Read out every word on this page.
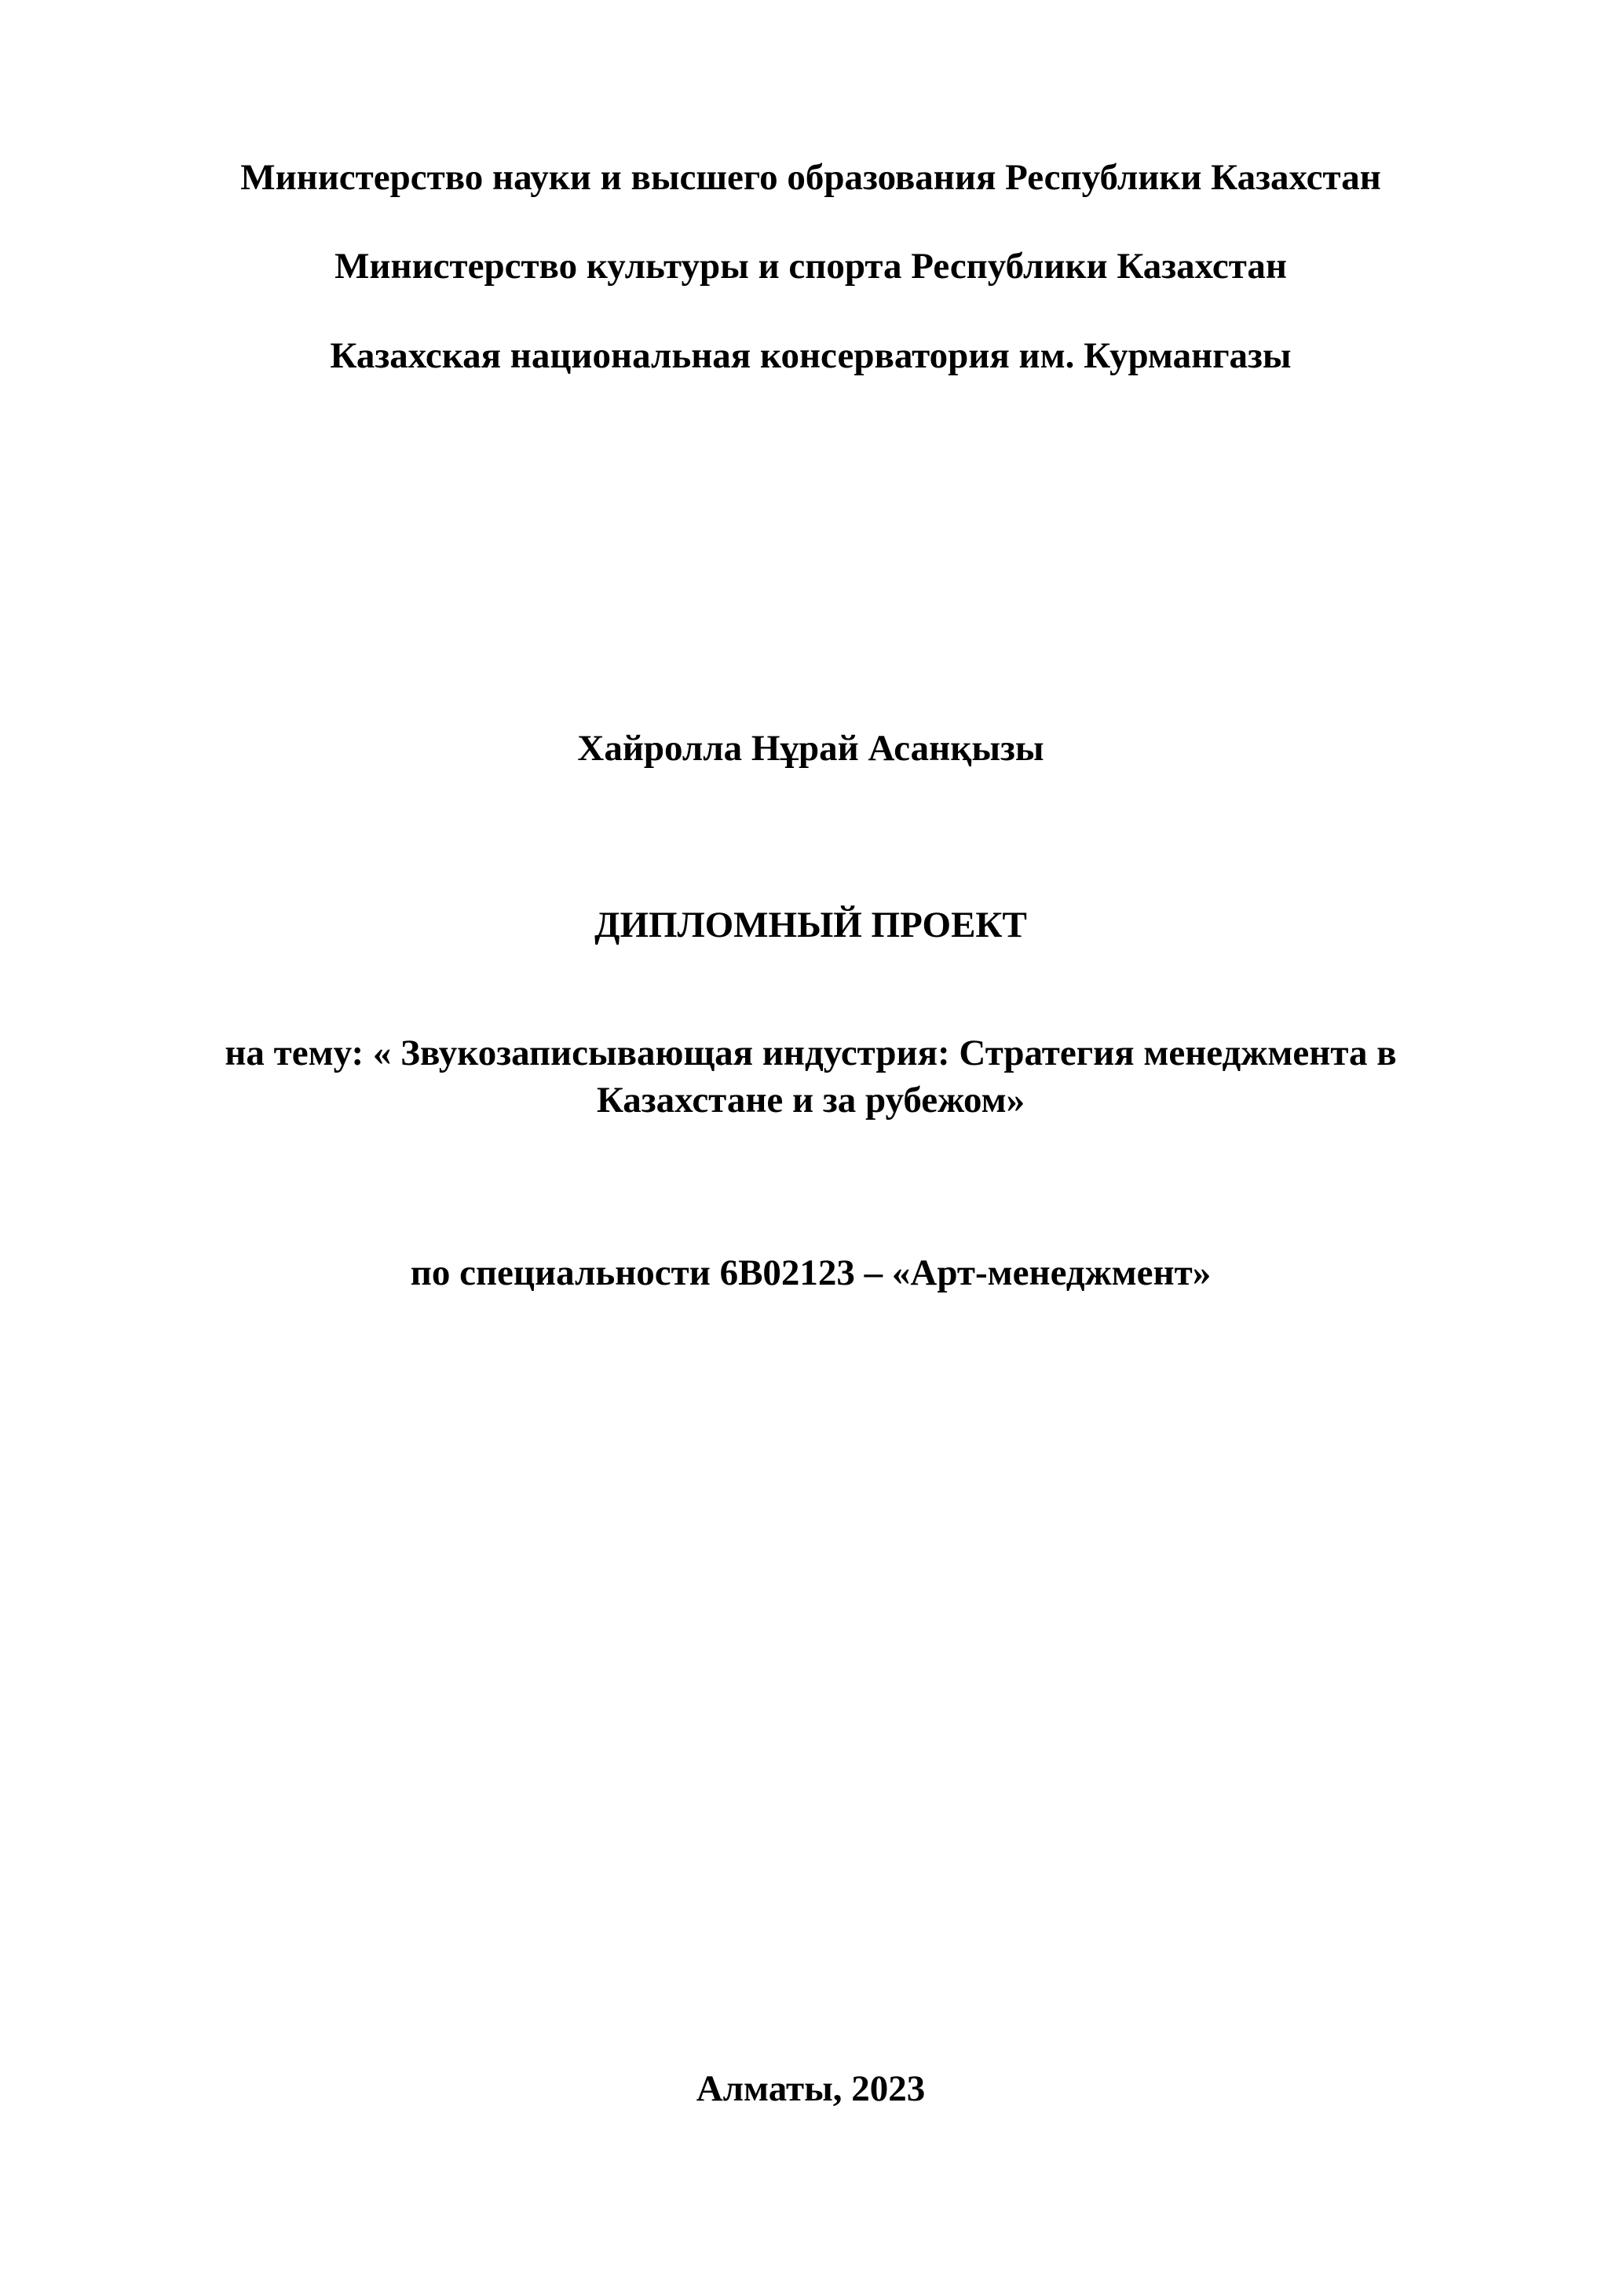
Министерство науки и высшего образования Республики Казахстан
Министерство культуры и спорта Республики Казахстан
Казахская национальная консерватория им. Курмангазы
Хайролла Нұрай Асанқызы
ДИПЛОМНЫЙ ПРОЕКТ
на тему: « Звукозаписывающая индустрия: Стратегия менеджмента в
Казахстане и за рубежом»
по специальности 6В02123 – «Арт-менеджмент»
Алматы, 2023
